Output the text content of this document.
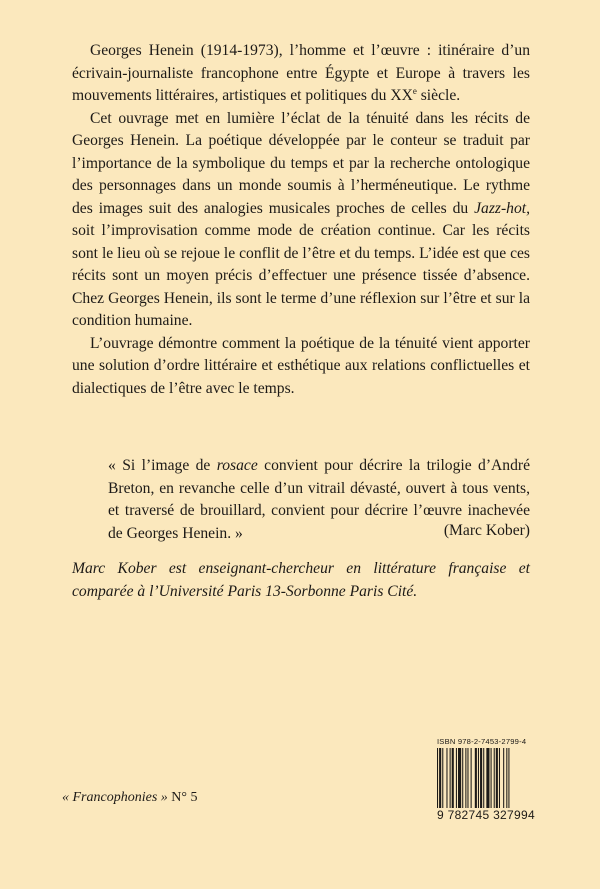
Georges Henein (1914-1973), l’homme et l’œuvre : itinéraire d’un écrivain-journaliste francophone entre Égypte et Europe à travers les mouvements littéraires, artistiques et politiques du XXe siècle.

Cet ouvrage met en lumière l’éclat de la ténuité dans les récits de Georges Henein. La poétique développée par le conteur se traduit par l’importance de la symbolique du temps et par la recherche ontologique des personnages dans un monde soumis à l’herméneutique. Le rythme des images suit des analogies musicales proches de celles du Jazz-hot, soit l’improvisation comme mode de création continue. Car les récits sont le lieu où se rejoue le conflit de l’être et du temps. L’idée est que ces récits sont un moyen précis d’effectuer une présence tissée d’absence. Chez Georges Henein, ils sont le terme d’une réflexion sur l’être et sur la condition humaine.

L’ouvrage démontre comment la poétique de la ténuité vient apporter une solution d’ordre littéraire et esthétique aux relations conflictuelles et dialectiques de l’être avec le temps.

« Si l’image de rosace convient pour décrire la trilogie d’André Breton, en revanche celle d’un vitrail dévasté, ouvert à tous vents, et traversé de brouillard, convient pour décrire l’œuvre inachevée de Georges Henein. »	(Marc Kober)
Marc Kober est enseignant-chercheur en littérature française et comparée à l’Université Paris 13-Sorbonne Paris Cité.
« Francophonies » N° 5
ISBN 978-2-7453-2799-4
9 782745 327994
